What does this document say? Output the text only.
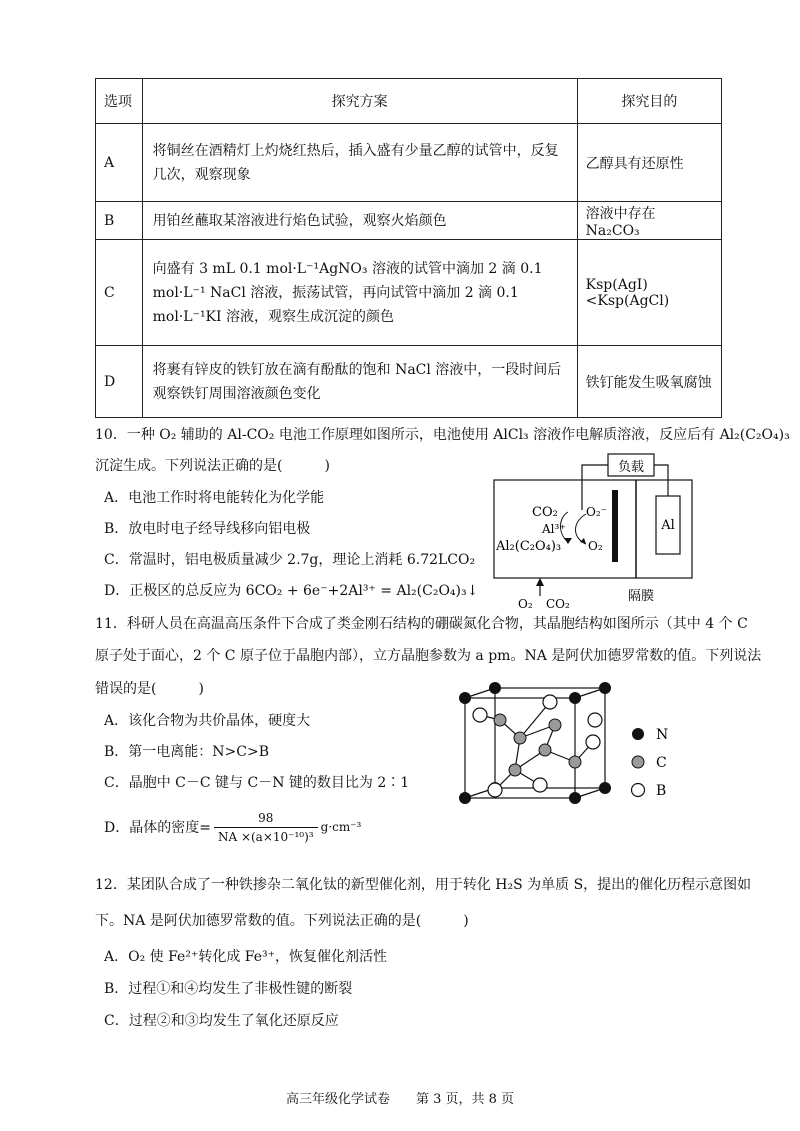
选项	探究方案	探究目的
A	将铜丝在酒精灯上灼烧红热后，插入盛有少量乙醇的试管中，反复几次，观察现象	乙醇具有还原性
B	用铂丝蘸取某溶液进行焰色试验，观察火焰颜色	溶液中存在 Na₂CO₃
C	向盛有 3 mL 0.1 mol·L⁻¹AgNO₃ 溶液的试管中滴加 2 滴 0.1 mol·L⁻¹ NaCl 溶液，振荡试管，再向试管中滴加 2 滴 0.1 mol·L⁻¹KI 溶液，观察生成沉淀的颜色	Ksp(AgI)<Ksp(AgCl)
D	将裹有锌皮的铁钉放在滴有酚酞的饱和 NaCl 溶液中，一段时间后观察铁钉周围溶液颜色变化	铁钉能发生吸氧腐蚀
10．一种 O₂ 辅助的 Al-CO₂ 电池工作原理如图所示，电池使用 AlCl₃ 溶液作电解质溶液，反应后有 Al₂(C₂O₄)₃
沉淀生成。下列说法正确的是(　　　)
A．电池工作时将电能转化为化学能
B．放电时电子经导线移向铝电极
C．常温时，铝电极质量减少 2.7g，理论上消耗 6.72LCO₂
D．正极区的总反应为 6CO₂ + 6e⁻+2Al³⁺ = Al₂(C₂O₄)₃↓
负载
Al
CO₂
Al³⁺
Al₂(C₂O₄)₃
O₂⁻
O₂
O₂ CO₂	隔膜
11．科研人员在高温高压条件下合成了类金刚石结构的硼碳氮化合物，其晶胞结构如图所示（其中 4 个 C
原子处于面心，2 个 C 原子位于晶胞内部），立方晶胞参数为 a pm。NA 是阿伏加德罗常数的值。下列说法
错误的是(　　　)
A．该化合物为共价晶体，硬度大
B．第一电离能：N>C>B
C．晶胞中 C－C 键与 C－N 键的数目比为 2∶1
D．晶体的密度= $\frac{98}{\text{NA ×(a×10⁻¹⁰)³}} g\cdot cm^{-3}$
N
C
B
12．某团队合成了一种铁掺杂二氧化钛的新型催化剂，用于转化 H₂S 为单质 S，提出的催化历程示意图如
下。NA 是阿伏加德罗常数的值。下列说法正确的是(　　　)
A．O₂ 使 Fe²⁺转化成 Fe³⁺，恢复催化剂活性
B．过程①和④均发生了非极性键的断裂
C．过程②和③均发生了氧化还原反应
高三年级化学试卷　　第 3 页，共 8 页
